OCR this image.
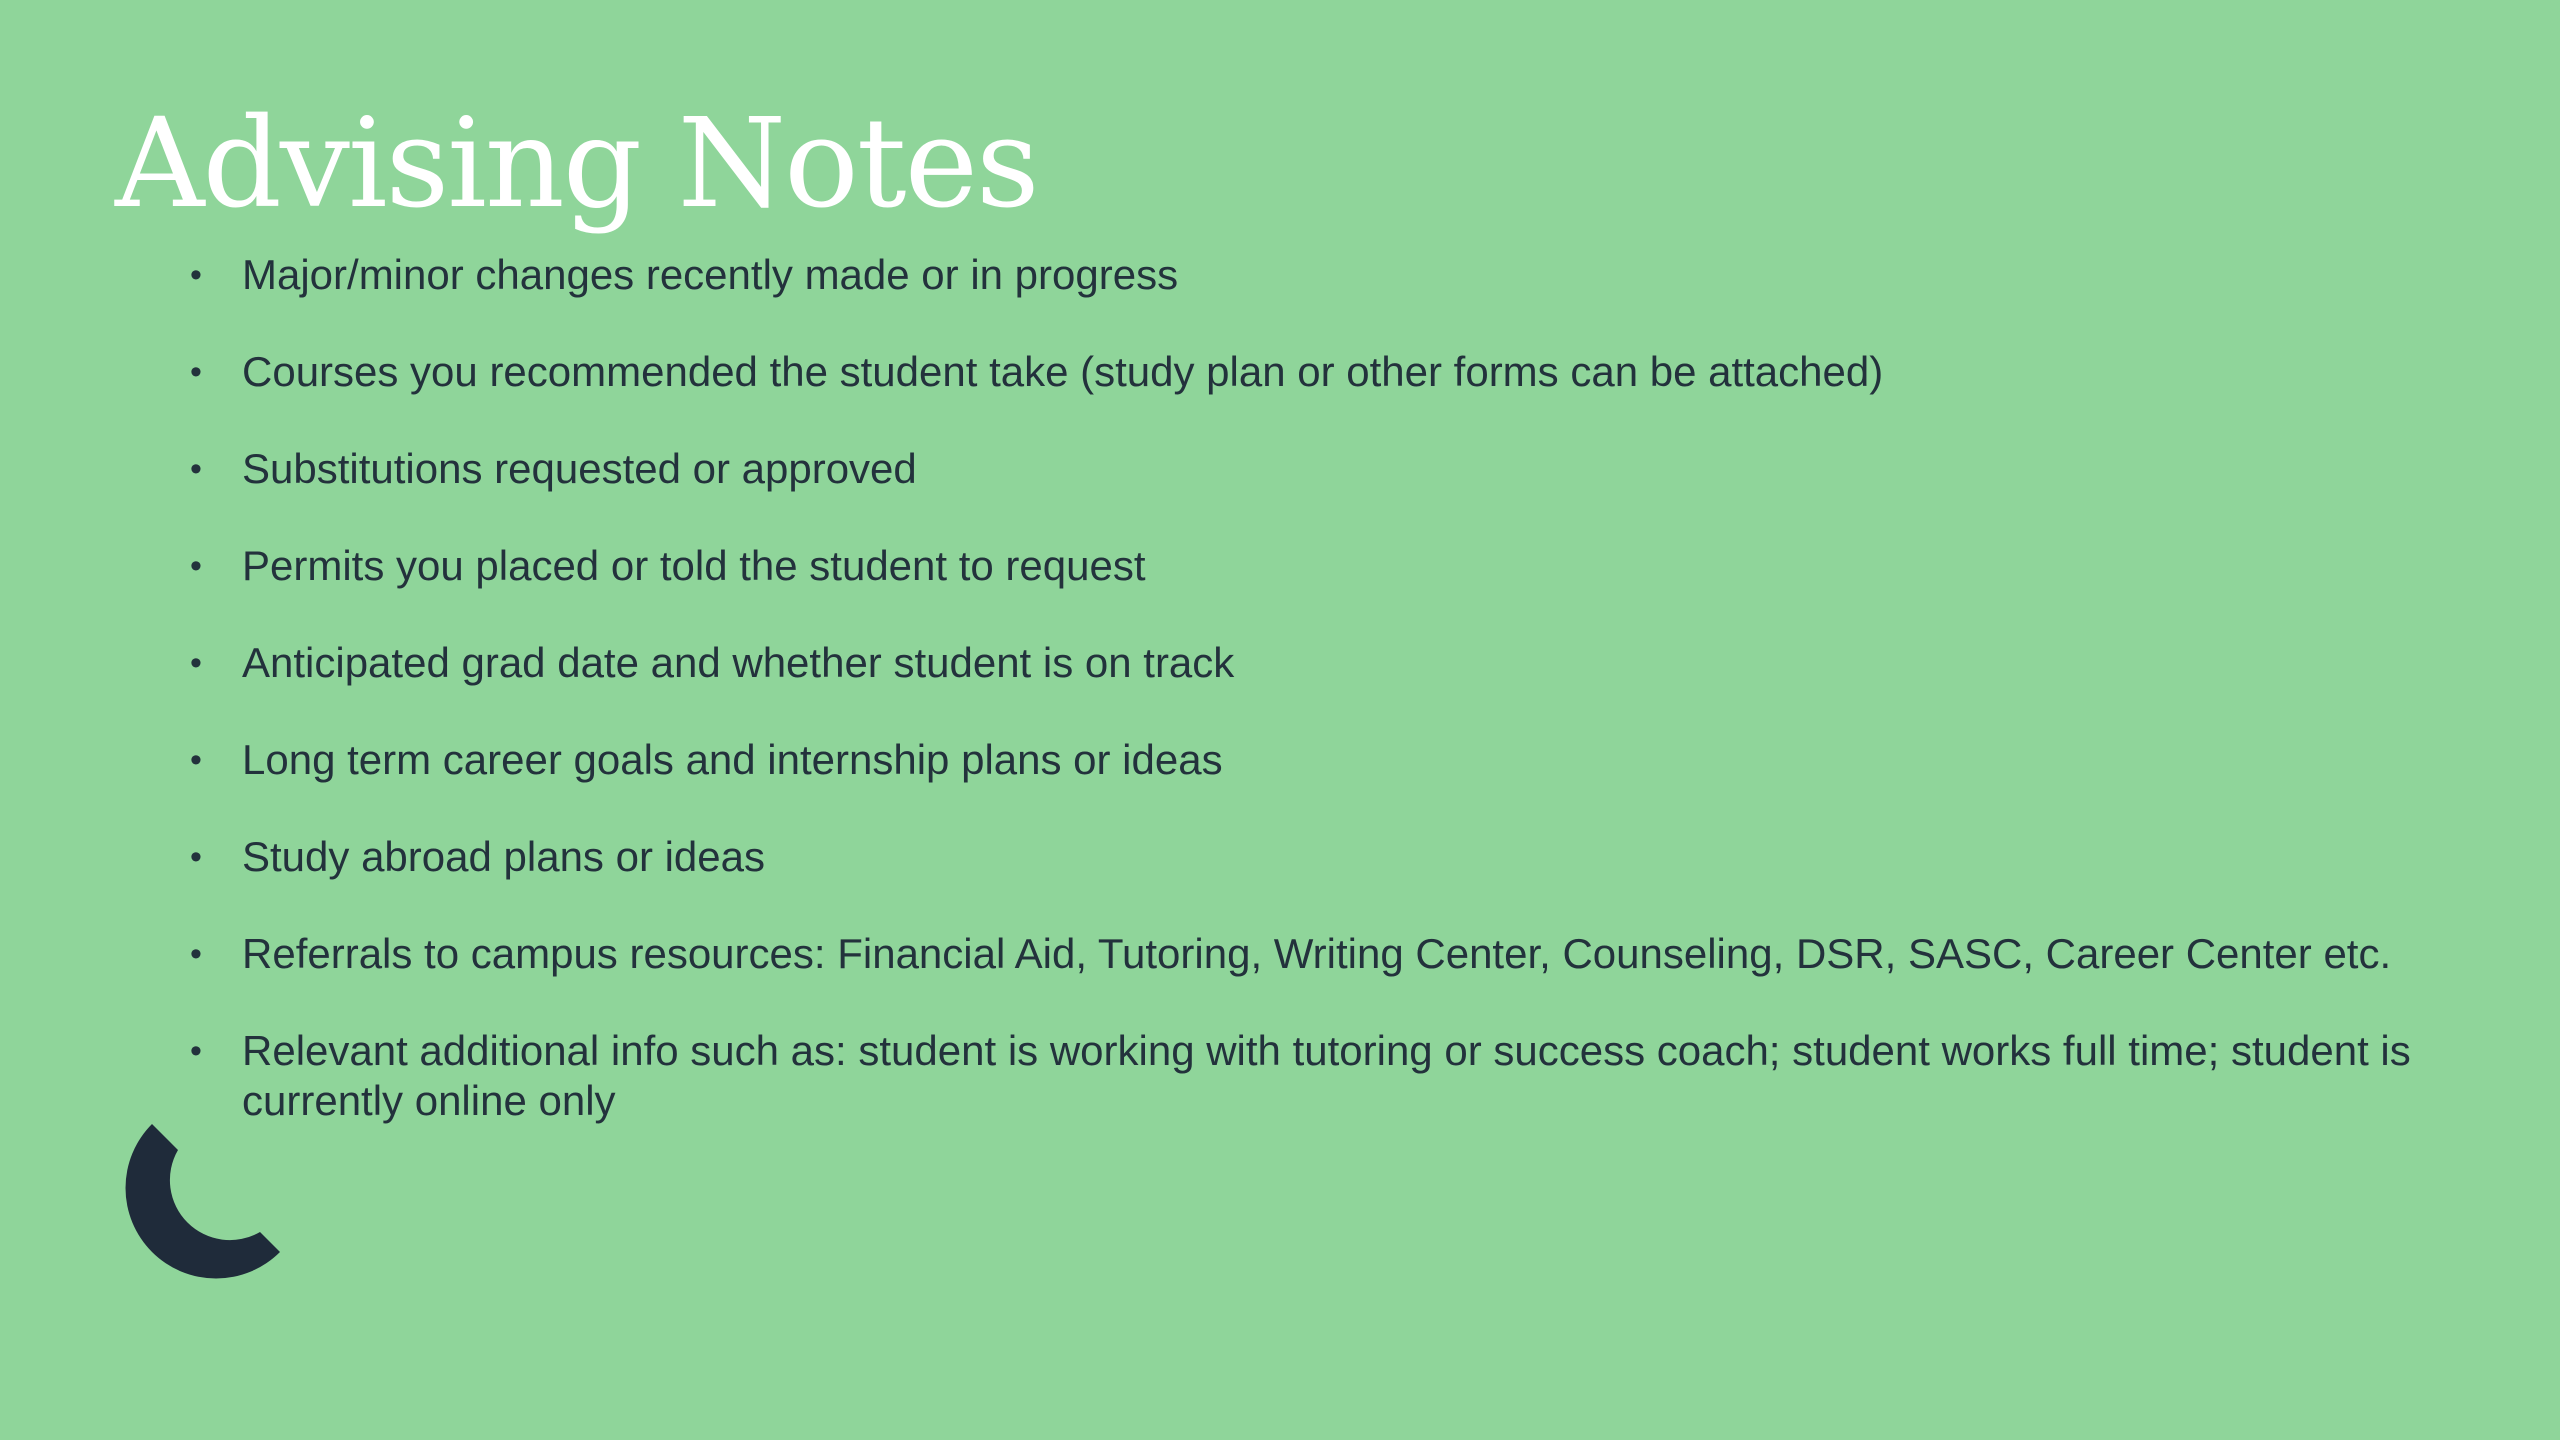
Advising Notes
• Major/minor changes recently made or in progress
• Courses you recommended the student take (study plan or other forms can be attached)
• Substitutions requested or approved
• Permits you placed or told the student to request
• Anticipated grad date and whether student is on track
• Long term career goals and internship plans or ideas
• Study abroad plans or ideas
• Referrals to campus resources: Financial Aid, Tutoring, Writing Center, Counseling, DSR, SASC, Career Center etc.
• Relevant additional info such as: student is working with tutoring or success coach; student works full time; student is currently online only
